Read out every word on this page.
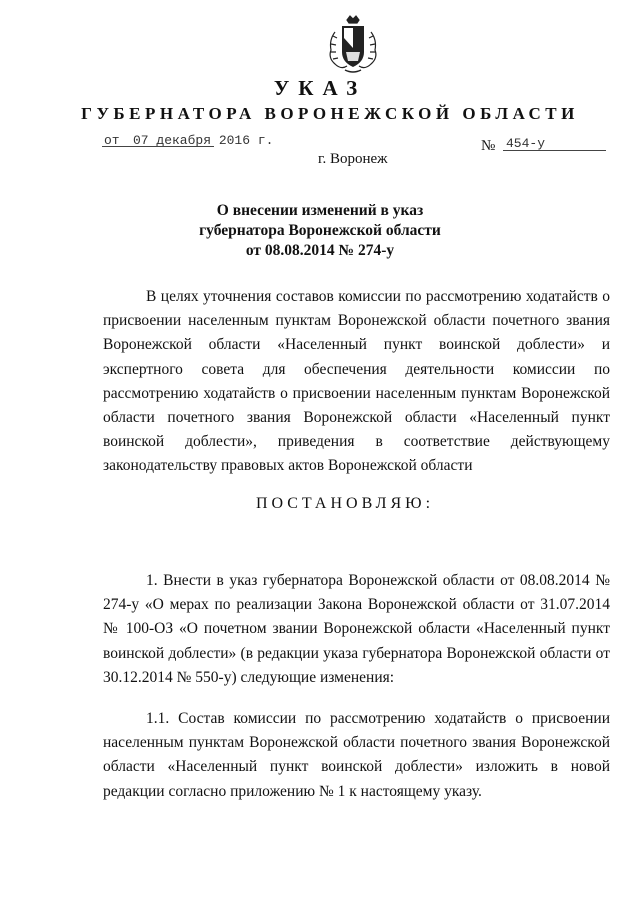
УКАЗ
ГУБЕРНАТОРА ВОРОНЕЖСКОЙ ОБЛАСТИ
от 07 декабря 2016 г.	№ 454-у
г. Воронеж
О внесении изменений в указ
губернатора Воронежской области
от 08.08.2014 № 274-у
В целях уточнения составов комиссии по рассмотрению ходатайств о присвоении населенным пунктам Воронежской области почетного звания Воронежской области «Населенный пункт воинской доблести» и экспертного совета для обеспечения деятельности комиссии по рассмотрению ходатайств о присвоении населенным пунктам Воронежской области почетного звания Воронежской области «Населенный пункт воинской доблести», приведения в соответствие действующему законодательству правовых актов Воронежской области
ПОСТАНОВЛЯЮ:
1. Внести в указ губернатора Воронежской области от 08.08.2014 № 274-у «О мерах по реализации Закона Воронежской области от 31.07.2014 № 100-ОЗ «О почетном звании Воронежской области «Населенный пункт воинской доблести» (в редакции указа губернатора Воронежской области от 30.12.2014 № 550-у) следующие изменения:
1.1. Состав комиссии по рассмотрению ходатайств о присвоении населенным пунктам Воронежской области почетного звания Воронежской области «Населенный пункт воинской доблести» изложить в новой редакции согласно приложению № 1 к настоящему указу.
